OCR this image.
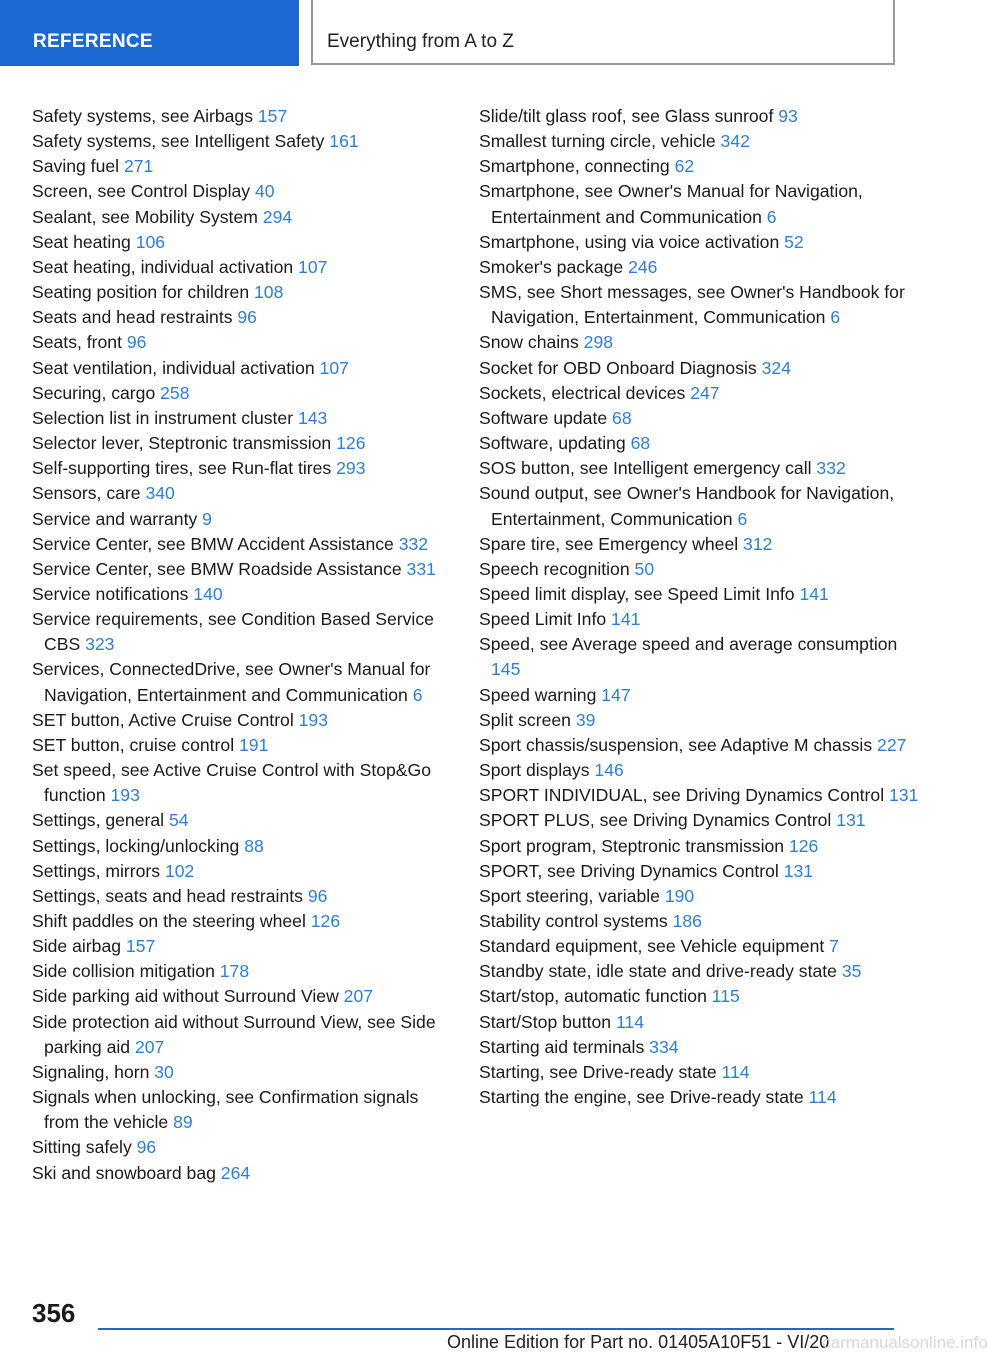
REFERENCE	Everything from A to Z

Safety systems, see Airbags 157

Safety systems, see Intelligent Safety 161

Saving fuel 271

Screen, see Control Display 40

Sealant, see Mobility System 294

Seat heating 106

Seat heating, individual activation 107

Seating position for children 108

Seats and head restraints 96

Seats, front 96

Seat ventilation, individual activation 107

Securing, cargo 258

Selection list in instrument cluster 143

Selector lever, Steptronic transmission 126

Self-supporting tires, see Run-flat tires 293

Sensors, care 340

Service and warranty 9

Service Center, see BMW Accident Assistance 332

Service Center, see BMW Roadside Assistance 331

Service notifications 140

Service requirements, see Condition Based Service CBS 323

Services, ConnectedDrive, see Owner's Manual for Navigation, Entertainment and Communication 6

SET button, Active Cruise Control 193

SET button, cruise control 191

Set speed, see Active Cruise Control with Stop&Go function 193

Settings, general 54

Settings, locking/unlocking 88

Settings, mirrors 102

Settings, seats and head restraints 96

Shift paddles on the steering wheel 126

Side airbag 157

Side collision mitigation 178

Side parking aid without Surround View 207

Side protection aid without Surround View, see Side parking aid 207

Signaling, horn 30

Signals when unlocking, see Confirmation signals from the vehicle 89

Sitting safely 96

Ski and snowboard bag 264

Slide/tilt glass roof, see Glass sunroof 93

Smallest turning circle, vehicle 342

Smartphone, connecting 62

Smartphone, see Owner's Manual for Navigation, Entertainment and Communication 6

Smartphone, using via voice activation 52

Smoker's package 246

SMS, see Short messages, see Owner's Handbook for Navigation, Entertainment, Communication 6

Snow chains 298

Socket for OBD Onboard Diagnosis 324

Sockets, electrical devices 247

Software update 68

Software, updating 68

SOS button, see Intelligent emergency call 332

Sound output, see Owner's Handbook for Navigation, Entertainment, Communication 6

Spare tire, see Emergency wheel 312

Speech recognition 50

Speed limit display, see Speed Limit Info 141

Speed Limit Info 141

Speed, see Average speed and average consumption 145

Speed warning 147

Split screen 39

Sport chassis/suspension, see Adaptive M chassis 227

Sport displays 146

SPORT INDIVIDUAL, see Driving Dynamics Control 131

SPORT PLUS, see Driving Dynamics Control 131

Sport program, Steptronic transmission 126

SPORT, see Driving Dynamics Control 131

Sport steering, variable 190

Stability control systems 186

Standard equipment, see Vehicle equipment 7

Standby state, idle state and drive-ready state 35

Start/stop, automatic function 115

Start/Stop button 114

Starting aid terminals 334

Starting, see Drive-ready state 114

Starting the engine, see Drive-ready state 114

356
Online Edition for Part no. 01405A10F51 - VI/20 carmanualsonline.info
